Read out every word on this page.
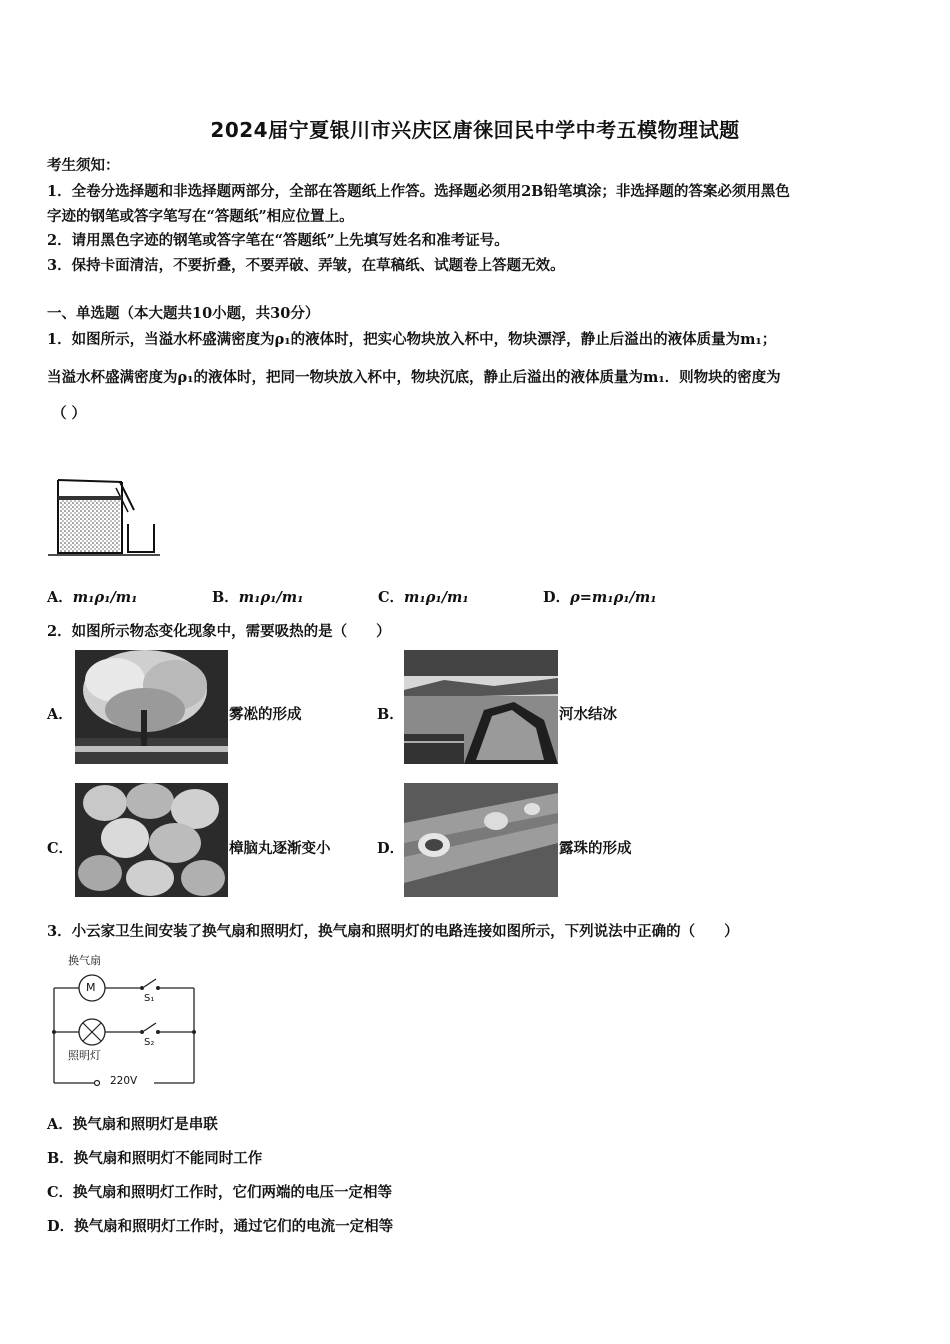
2024届宁夏银川市兴庆区唐徕回民中学中考五模物理试题
考生须知：
1．全卷分选择题和非选择题两部分，全部在答题纸上作答。选择题必须用2B铅笔填涂；非选择题的答案必须用黑色
字迹的钢笔或答字笔写在“答题纸”相应位置上。
2．请用黑色字迹的钢笔或答字笔在“答题纸”上先填写姓名和准考证号。
3．保持卡面清洁，不要折叠，不要弄破、弄皱，在草稿纸、试题卷上答题无效。
一、单选题（本大题共10小题，共30分）
1．如图所示，当溢水杯盛满密度为ρ₁的液体时，把实心物块放入杯中，物块漂浮，静止后溢出的液体质量为m₁；
当溢水杯盛满密度为ρ₁的液体时，把同一物块放入杯中，物块沉底，静止后溢出的液体质量为m₁．则物块的密度为
（ ）
A．m₁ρ₁/m₁	B．m₁ρ₁/m₁	C．m₁ρ₁/m₁	D．ρ=m₁ρ₁/m₁
2．如图所示物态变化现象中，需要吸热的是（　　）
A．	雾凇的形成	B．	河水结冰
C．	樟脑丸逐渐变小	D．	露珠的形成
3．小云家卫生间安装了换气扇和照明灯，换气扇和照明灯的电路连接如图所示，下列说法中正确的（　　）
换气扇
M
S₁
S₂
照明灯
220V
A．换气扇和照明灯是串联
B．换气扇和照明灯不能同时工作
C．换气扇和照明灯工作时，它们两端的电压一定相等
D．换气扇和照明灯工作时，通过它们的电流一定相等
